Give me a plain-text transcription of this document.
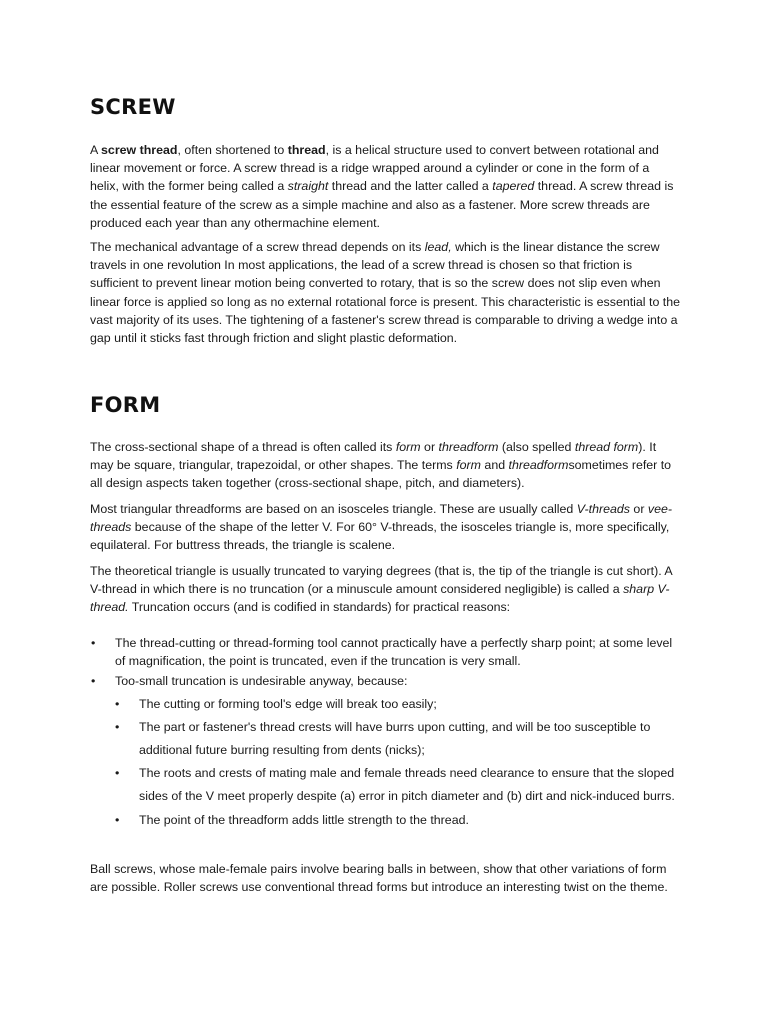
SCREW

A screw thread, often shortened to thread, is a helical structure used to convert between rotational and linear movement or force. A screw thread is a ridge wrapped around a cylinder or cone in the form of a helix, with the former being called a straight thread and the latter called a tapered thread. A screw thread is the essential feature of the screw as a simple machine and also as a fastener. More screw threads are produced each year than any othermachine element.

The mechanical advantage of a screw thread depends on its lead, which is the linear distance the screw travels in one revolution In most applications, the lead of a screw thread is chosen so that friction is sufficient to prevent linear motion being converted to rotary, that is so the screw does not slip even when linear force is applied so long as no external rotational force is present. This characteristic is essential to the vast majority of its uses. The tightening of a fastener's screw thread is comparable to driving a wedge into a gap until it sticks fast through friction and slight plastic deformation.

FORM

The cross-sectional shape of a thread is often called its form or threadform (also spelled thread form). It may be square, triangular, trapezoidal, or other shapes. The terms form and threadformsometimes refer to all design aspects taken together (cross-sectional shape, pitch, and diameters).

Most triangular threadforms are based on an isosceles triangle. These are usually called V-threads or vee-threads because of the shape of the letter V. For 60° V-threads, the isosceles triangle is, more specifically, equilateral. For buttress threads, the triangle is scalene.

The theoretical triangle is usually truncated to varying degrees (that is, the tip of the triangle is cut short). A V-thread in which there is no truncation (or a minuscule amount considered negligible) is called a sharp V-thread. Truncation occurs (and is codified in standards) for practical reasons:

• The thread-cutting or thread-forming tool cannot practically have a perfectly sharp point; at some level of magnification, the point is truncated, even if the truncation is very small.
• Too-small truncation is undesirable anyway, because:
• The cutting or forming tool's edge will break too easily;
• The part or fastener's thread crests will have burrs upon cutting, and will be too susceptible to additional future burring resulting from dents (nicks);
• The roots and crests of mating male and female threads need clearance to ensure that the sloped sides of the V meet properly despite (a) error in pitch diameter and (b) dirt and nick-induced burrs.
• The point of the threadform adds little strength to the thread.

Ball screws, whose male-female pairs involve bearing balls in between, show that other variations of form are possible. Roller screws use conventional thread forms but introduce an interesting twist on the theme.
